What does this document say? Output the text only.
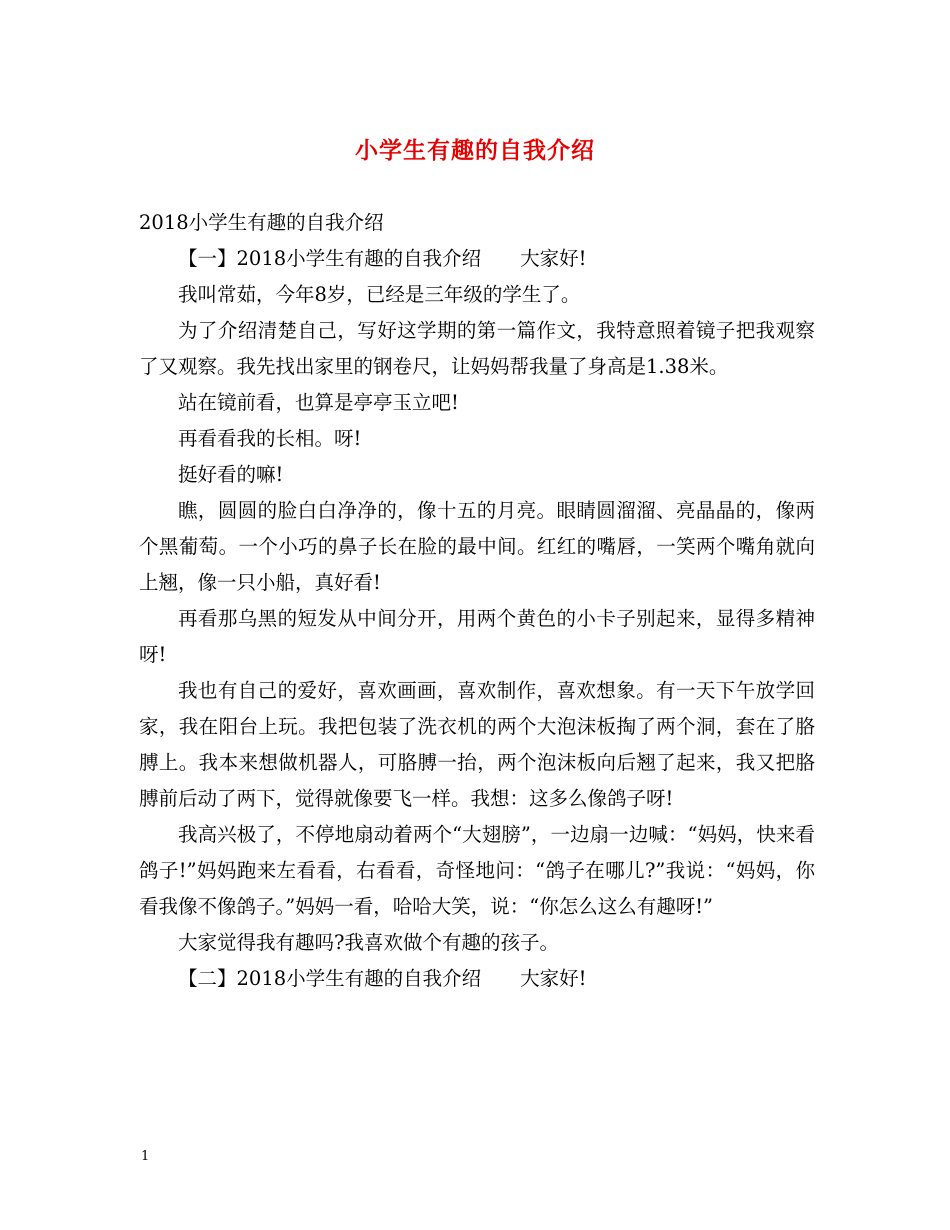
小学生有趣的自我介绍

2018小学生有趣的自我介绍

【一】2018小学生有趣的自我介绍　　大家好!

我叫常茹，今年8岁，已经是三年级的学生了。

为了介绍清楚自己，写好这学期的第一篇作文，我特意照着镜子把我观察了又观察。我先找出家里的钢卷尺，让妈妈帮我量了身高是1.38米。

站在镜前看，也算是亭亭玉立吧!

再看看我的长相。呀!

挺好看的嘛!

瞧，圆圆的脸白白净净的，像十五的月亮。眼睛圆溜溜、亮晶晶的，像两个黑葡萄。一个小巧的鼻子长在脸的最中间。红红的嘴唇，一笑两个嘴角就向上翘，像一只小船，真好看!

再看那乌黑的短发从中间分开，用两个黄色的小卡子别起来，显得多精神呀!

我也有自己的爱好，喜欢画画，喜欢制作，喜欢想象。有一天下午放学回家，我在阳台上玩。我把包装了洗衣机的两个大泡沫板掏了两个洞，套在了胳膊上。我本来想做机器人，可胳膊一抬，两个泡沫板向后翘了起来，我又把胳膊前后动了两下，觉得就像要飞一样。我想：这多么像鸽子呀!

我高兴极了，不停地扇动着两个“大翅膀”，一边扇一边喊：“妈妈，快来看鸽子!”妈妈跑来左看看，右看看，奇怪地问：“鸽子在哪儿?”我说：“妈妈，你看我像不像鸽子。”妈妈一看，哈哈大笑，说：“你怎么这么有趣呀!”

大家觉得我有趣吗?我喜欢做个有趣的孩子。

【二】2018小学生有趣的自我介绍　　大家好!

1
